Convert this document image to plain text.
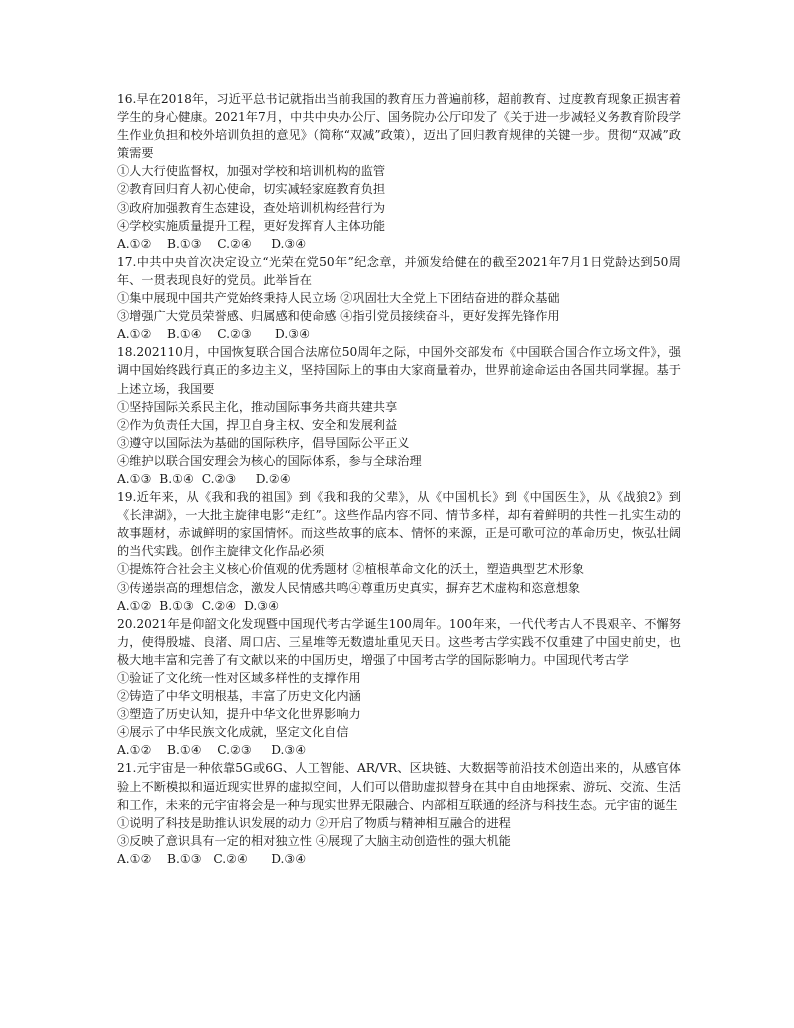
16.早在2018年，习近平总书记就指出当前我国的教育压力普遍前移，超前教育、过度教育现象正损害着学生的身心健康。2021年7月，中共中央办公厅、国务院办公厅印发了《关于进一步减轻义务教育阶段学生作业负担和校外培训负担的意见》（简称“双减”政策），迈出了回归教育规律的关键一步。贯彻“双减”政策需要
①人大行使监督权，加强对学校和培训机构的监管
②教育回归育人初心使命，切实减轻家庭教育负担
③政府加强教育生态建设，查处培训机构经营行为
④学校实施质量提升工程，更好发挥育人主体功能
A.①②    B.①③    C.②④     D.③④
17.中共中央首次决定设立“光荣在党50年”纪念章，并颁发给健在的截至2021年7月1日党龄达到50周年、一贯表现良好的党员。此举旨在
①集中展现中国共产党始终秉持人民立场 ②巩固壮大全党上下团结奋进的群众基础
③增强广大党员荣誉感、归属感和使命感 ④指引党员接续奋斗，更好发挥先锋作用
A.①②    B.①④    C.②③      D.③④
18.202110月，中国恢复联合国合法席位50周年之际，中国外交部发布《中国联合国合作立场文件》，强调中国始终践行真正的多边主义，坚持国际上的事由大家商量着办，世界前途命运由各国共同掌握。基于上述立场，我国要
①坚持国际关系民主化，推动国际事务共商共建共享
②作为负责任大国，捍卫自身主权、安全和发展利益
③遵守以国际法为基础的国际秩序，倡导国际公平正义
④维护以联合国安理会为核心的国际体系，参与全球治理
A.①③  B.①④  C.②③     D.②④
19.近年来，从《我和我的祖国》到《我和我的父辈》，从《中国机长》到《中国医生》，从《战狼2》到《长津湖》，一大批主旋律电影“走红”。这些作品内容不同、情节多样，却有着鲜明的共性－扎实生动的故事题材，赤诚鲜明的家国情怀。而这些故事的底本、情怀的来源，正是可歌可泣的革命历史，恢弘壮阔的当代实践。创作主旋律文化作品必须
①提炼符合社会主义核心价值观的优秀题材 ②植根革命文化的沃土，塑造典型艺术形象
③传递崇高的理想信念，激发人民情感共鸣④尊重历史真实，摒弃艺术虚构和恣意想象
A.①②  B.①③  C.②④  D.③④
20.2021年是仰韶文化发现暨中国现代考古学诞生100周年。100年来，一代代考古人不畏艰辛、不懈努力，使得殷墟、良渚、周口店、三星堆等无数遗址重见天日。这些考古学实践不仅重建了中国史前史，也极大地丰富和完善了有文献以来的中国历史，增强了中国考古学的国际影响力。中国现代考古学
①验证了文化统一性对区域多样性的支撑作用
②铸造了中华文明根基，丰富了历史文化内涵
③塑造了历史认知，提升中华文化世界影响力
④展示了中华民族文化成就，坚定文化自信
A.①②    B.①④    C.②③     D.③④
21.元宇宙是一种依靠5G或6G、人工智能、AR/VR、区块链、大数据等前沿技术创造出来的，从感官体验上不断模拟和逼近现实世界的虚拟空间，人们可以借助虚拟替身在其中自由地探索、游玩、交流、生活和工作，未来的元宇宙将会是一种与现实世界无限融合、内部相互联通的经济与科技生态。元宇宙的诞生
①说明了科技是助推认识发展的动力 ②开启了物质与精神相互融合的进程
③反映了意识具有一定的相对独立性 ④展现了大脑主动创造性的强大机能
A.①②    B.①③   C.②④      D.③④
